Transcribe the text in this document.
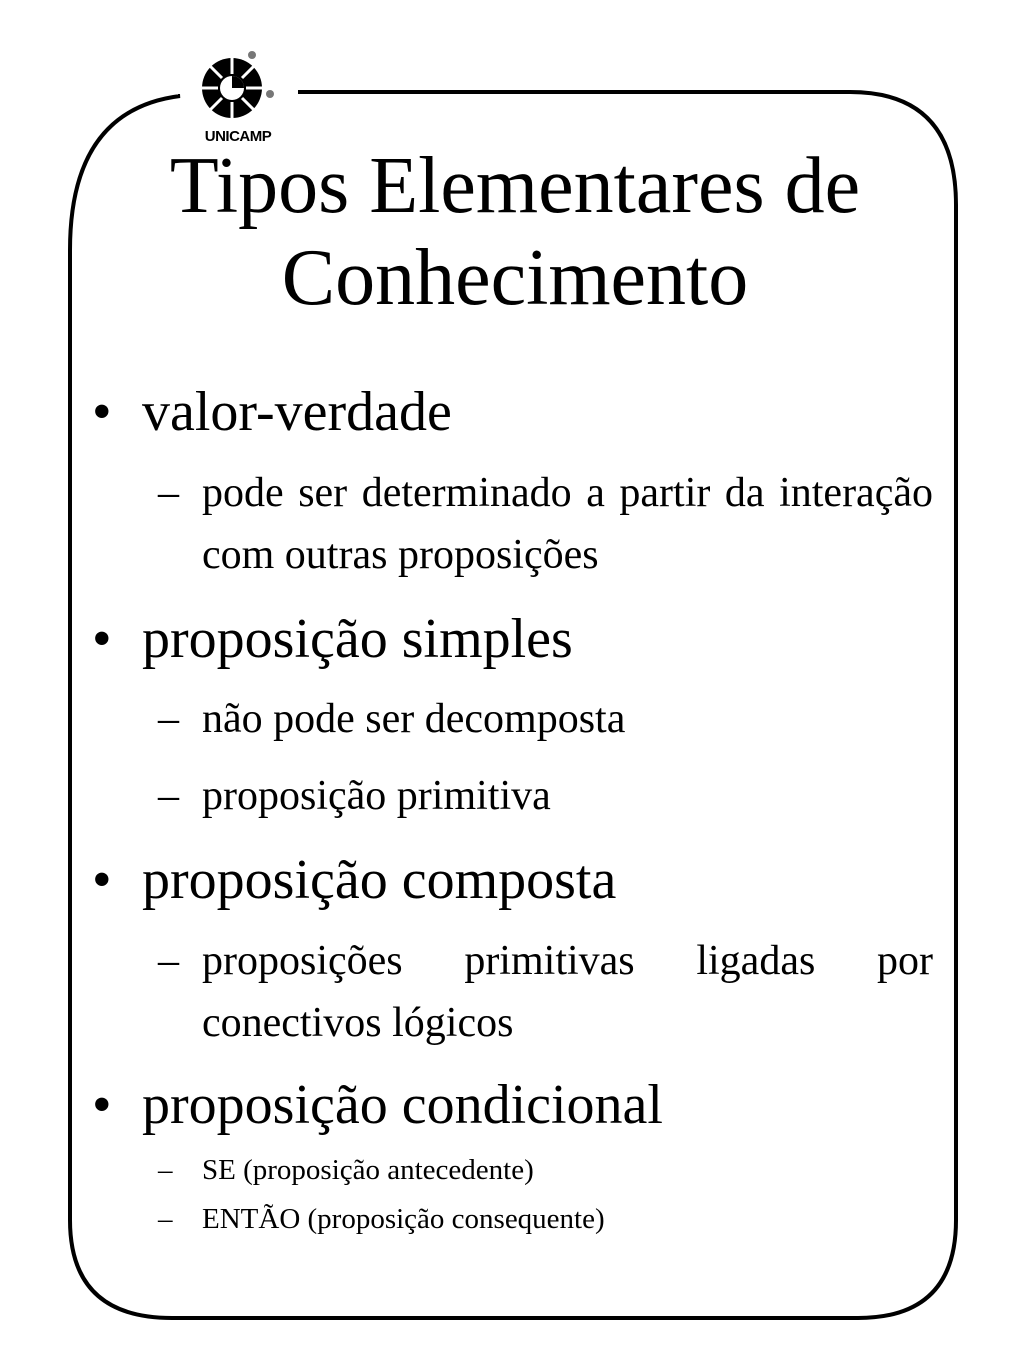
UNICAMP
Tipos Elementares de Conhecimento
• valor-verdade
– pode ser determinado a partir da interação com outras proposições
• proposição simples
– não pode ser decomposta
– proposição primitiva
• proposição composta
– proposições primitivas ligadas por conectivos lógicos
• proposição condicional
– SE (proposição antecedente)
– ENTÃO (proposição consequente)
